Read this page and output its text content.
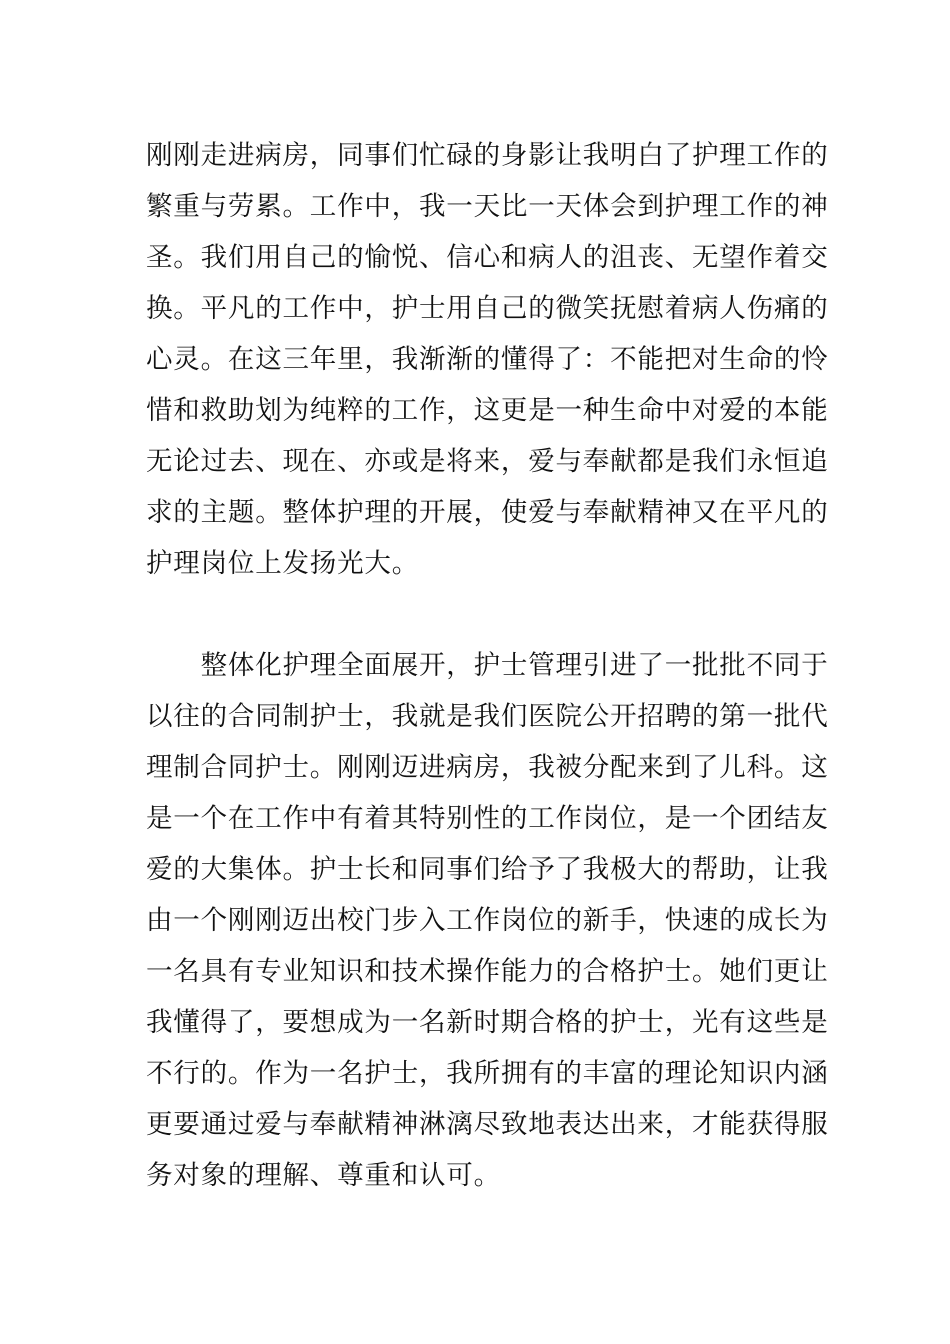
刚刚走进病房，同事们忙碌的身影让我明白了护理工作的
繁重与劳累。工作中，我一天比一天体会到护理工作的神
圣。我们用自己的愉悦、信心和病人的沮丧、无望作着交
换。平凡的工作中，护士用自己的微笑抚慰着病人伤痛的
心灵。在这三年里，我渐渐的懂得了：不能把对生命的怜
惜和救助划为纯粹的工作，这更是一种生命中对爱的本能
无论过去、现在、亦或是将来，爱与奉献都是我们永恒追
求的主题。整体护理的开展，使爱与奉献精神又在平凡的
护理岗位上发扬光大。
　　整体化护理全面展开，护士管理引进了一批批不同于
以往的合同制护士，我就是我们医院公开招聘的第一批代
理制合同护士。刚刚迈进病房，我被分配来到了儿科。这
是一个在工作中有着其特别性的工作岗位，是一个团结友
爱的大集体。护士长和同事们给予了我极大的帮助，让我
由一个刚刚迈出校门步入工作岗位的新手，快速的成长为
一名具有专业知识和技术操作能力的合格护士。她们更让
我懂得了，要想成为一名新时期合格的护士，光有这些是
不行的。作为一名护士，我所拥有的丰富的理论知识内涵
更要通过爱与奉献精神淋漓尽致地表达出来，才能获得服
务对象的理解、尊重和认可。
